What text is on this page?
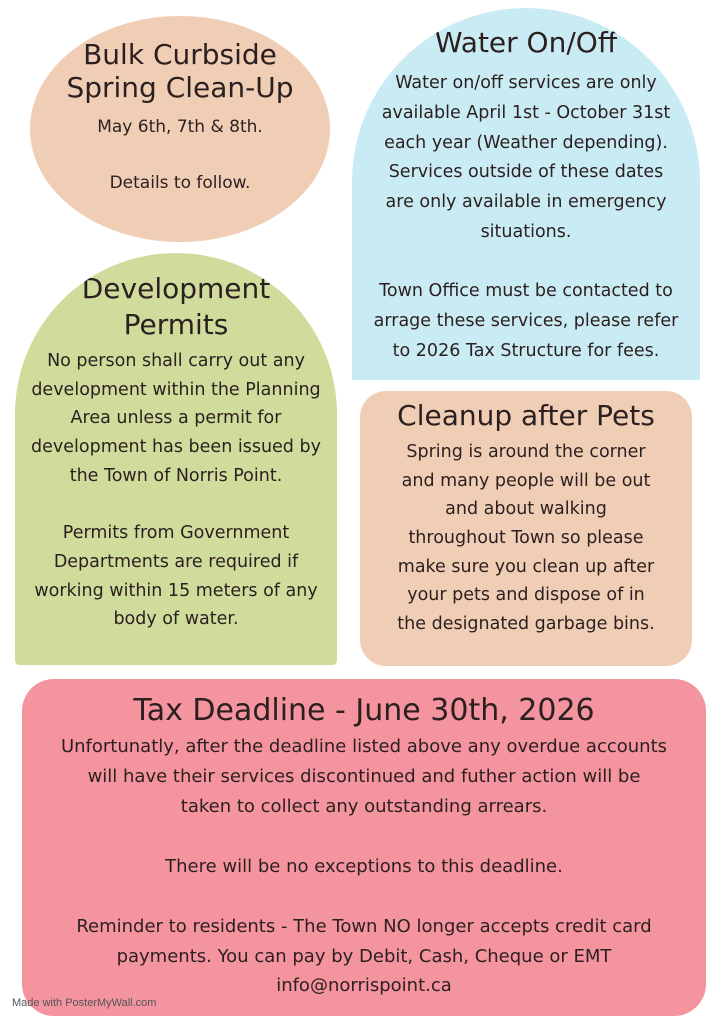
Bulk Curbside
Spring Clean-Up

May 6th, 7th & 8th.

Details to follow.

Water On/Off

Water on/off services are only
available April 1st - October 31st
each year (Weather depending).
Services outside of these dates
are only available in emergency
situations.

Town Office must be contacted to
arrage these services, please refer
to 2026 Tax Structure for fees.

Development
Permits

No person shall carry out any
development within the Planning
Area unless a permit for
development has been issued by
the Town of Norris Point.

Permits from Government
Departments are required if
working within 15 meters of any
body of water.

Cleanup after Pets

Spring is around the corner
and many people will be out
and about walking
throughout Town so please
make sure you clean up after
your pets and dispose of in
the designated garbage bins.

Tax Deadline - June 30th, 2026

Unfortunatly, after the deadline listed above any overdue accounts
will have their services discontinued and futher action will be
taken to collect any outstanding arrears.

There will be no exceptions to this deadline.

Reminder to residents - The Town NO longer accepts credit card
payments. You can pay by Debit, Cash, Cheque or EMT
info@norrispoint.ca

Made with PosterMyWall.com
